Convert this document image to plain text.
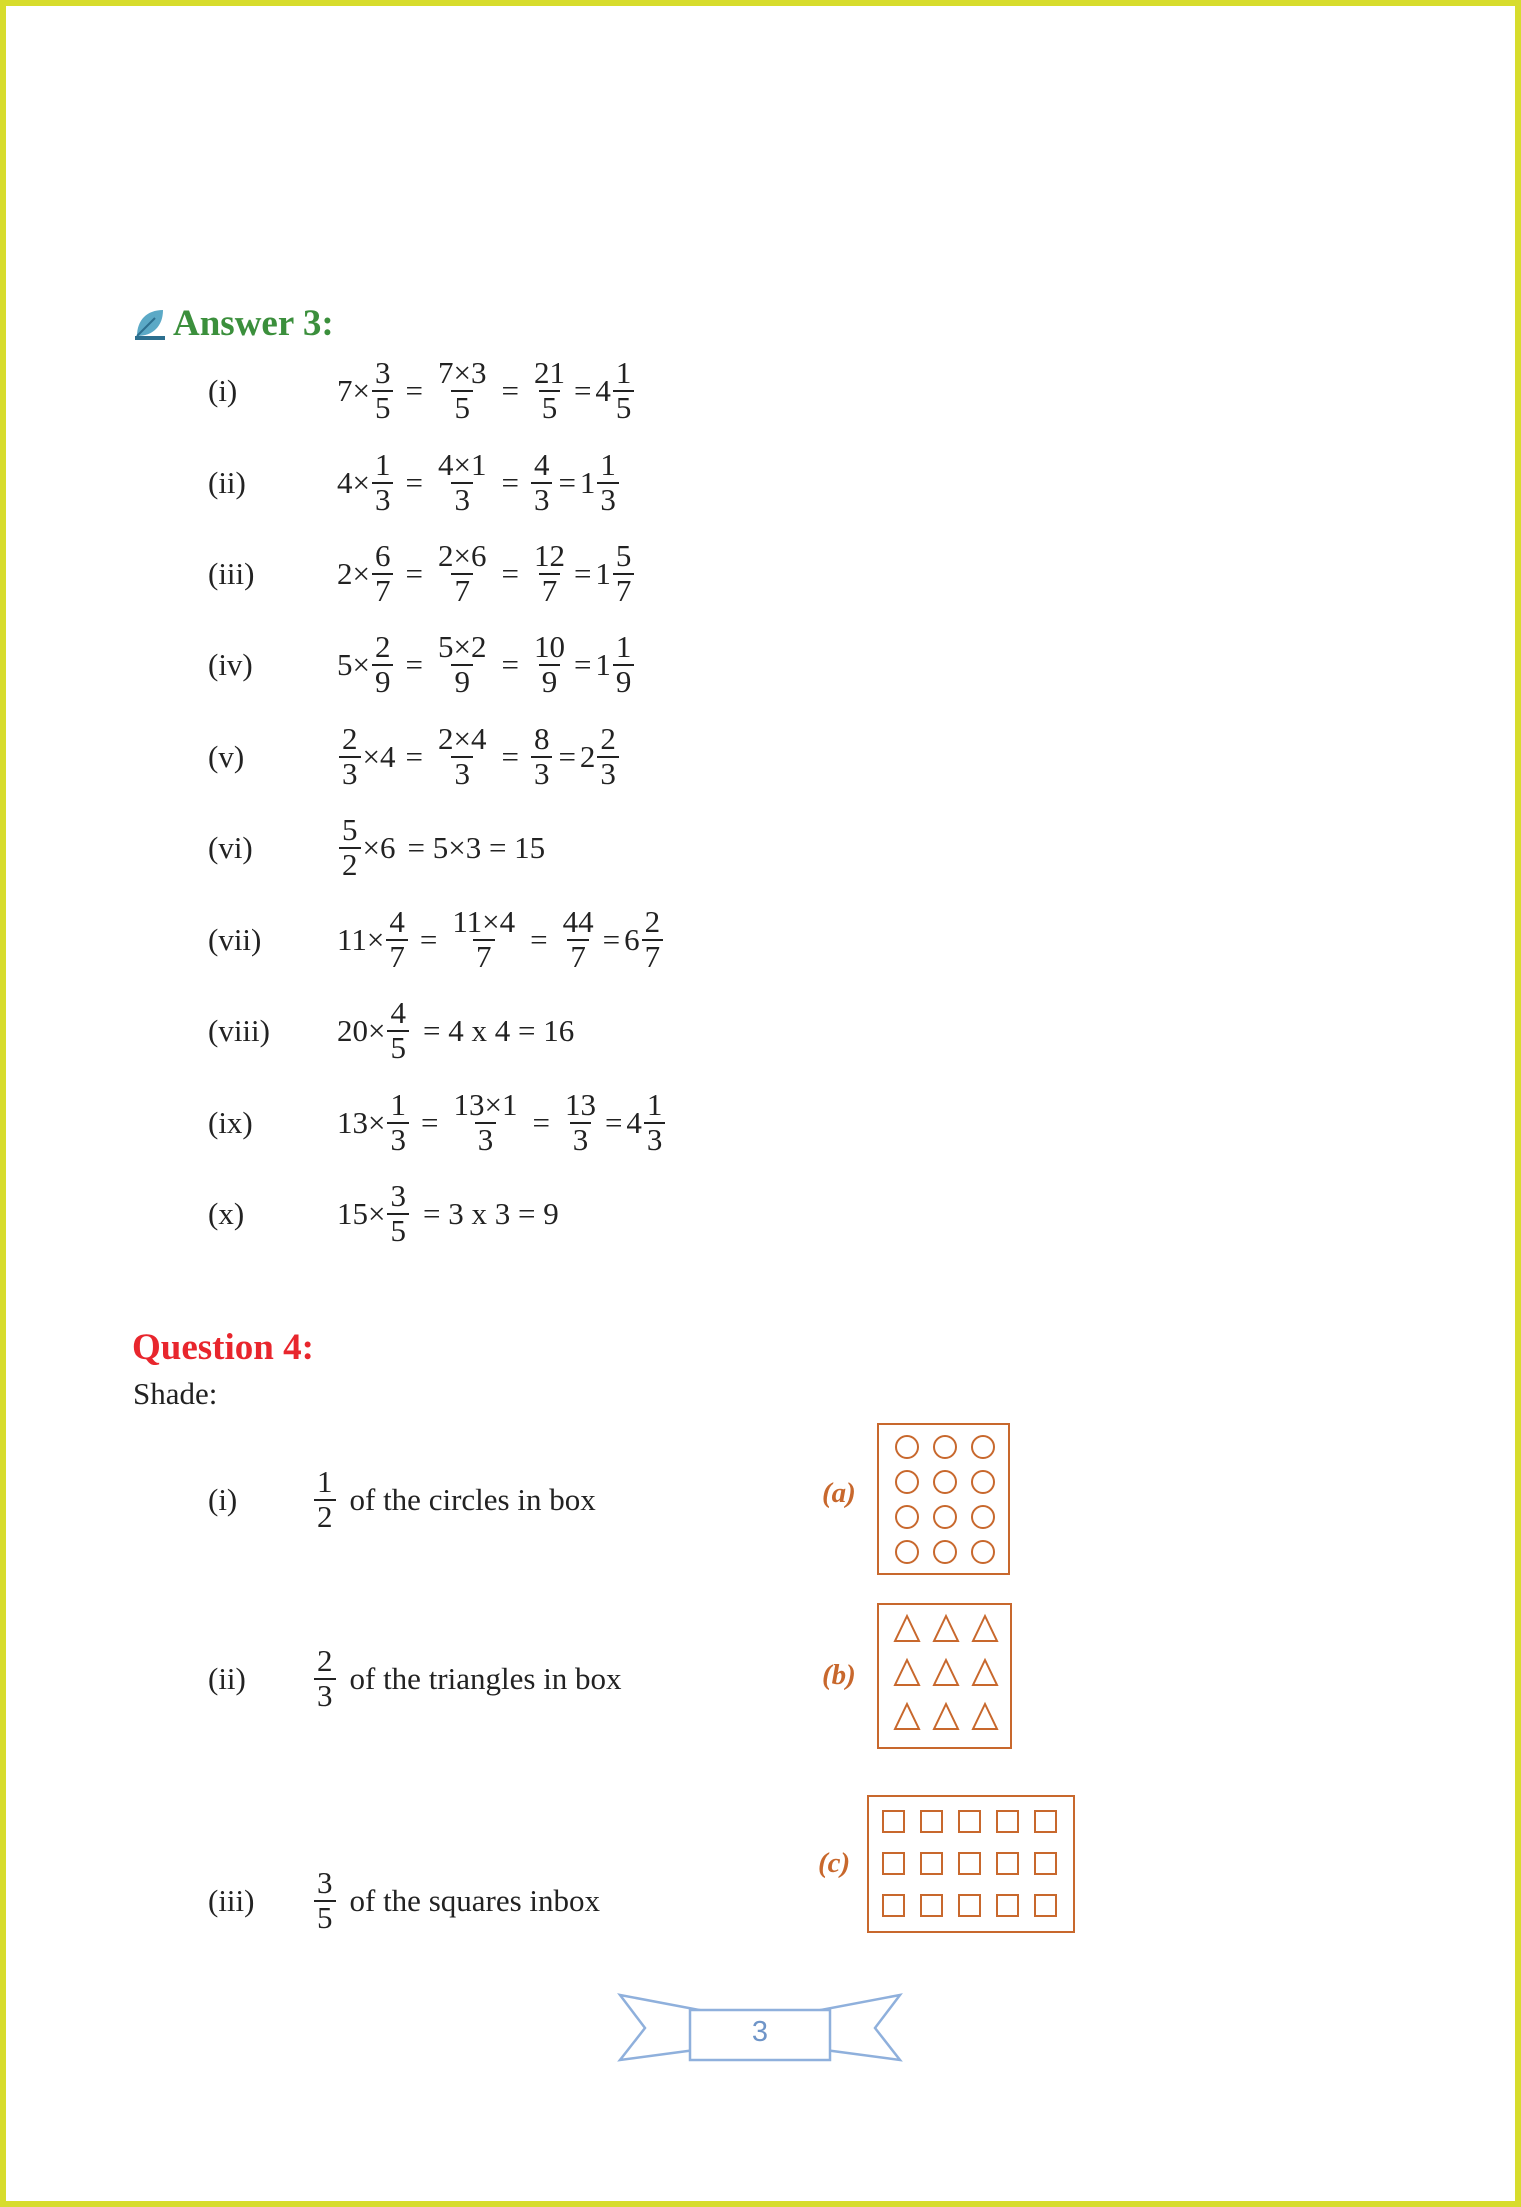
Answer 3:
(i)	$7\times \frac{3}{5} = \frac{7\times 3}{5} = \frac{21}{5} = 4 \frac{1}{5}$
(ii)	$4\times \frac{1}{3} = \frac{4\times 1}{3} = \frac{4}{3} = 1 \frac{1}{3}$
(iii)	$2\times \frac{6}{7} = \frac{2\times 6}{7} = \frac{12}{7} = 1 \frac{5}{7}$
(iv)	$5\times \frac{2}{9} = \frac{5\times 2}{9} = \frac{10}{9} = 1 \frac{1}{9}$
(v)	$\frac{2}{3} \times 4 = \frac{2\times 4}{3} = \frac{8}{3} = 2 \frac{2}{3}$
(vi)	$\frac{5}{2} \times 6 = 5\times 3 = 15$
(vii) $11\times \frac{4}{7} = \frac{11\times 4}{7} = \frac{44}{7} = 6 \frac{2}{7}$
(viii) $20\times \frac{4}{5} = 4$ x 4 = 16
(ix)	$13\times \frac{1}{3} = \frac{13\times 1}{3} = \frac{13}{3} = 4 \frac{1}{3}$
(x)	$15\times \frac{3}{5} = 3$ x 3 = 9
Question 4:
Shade:
$(i) \frac{1}{2}$ of the circles in box
$(ii) \frac{2}{3}$ of the triangles in box
$(iii) \frac{3}{5}$ of the squares inbox
(a)
(b)
(c)
3
